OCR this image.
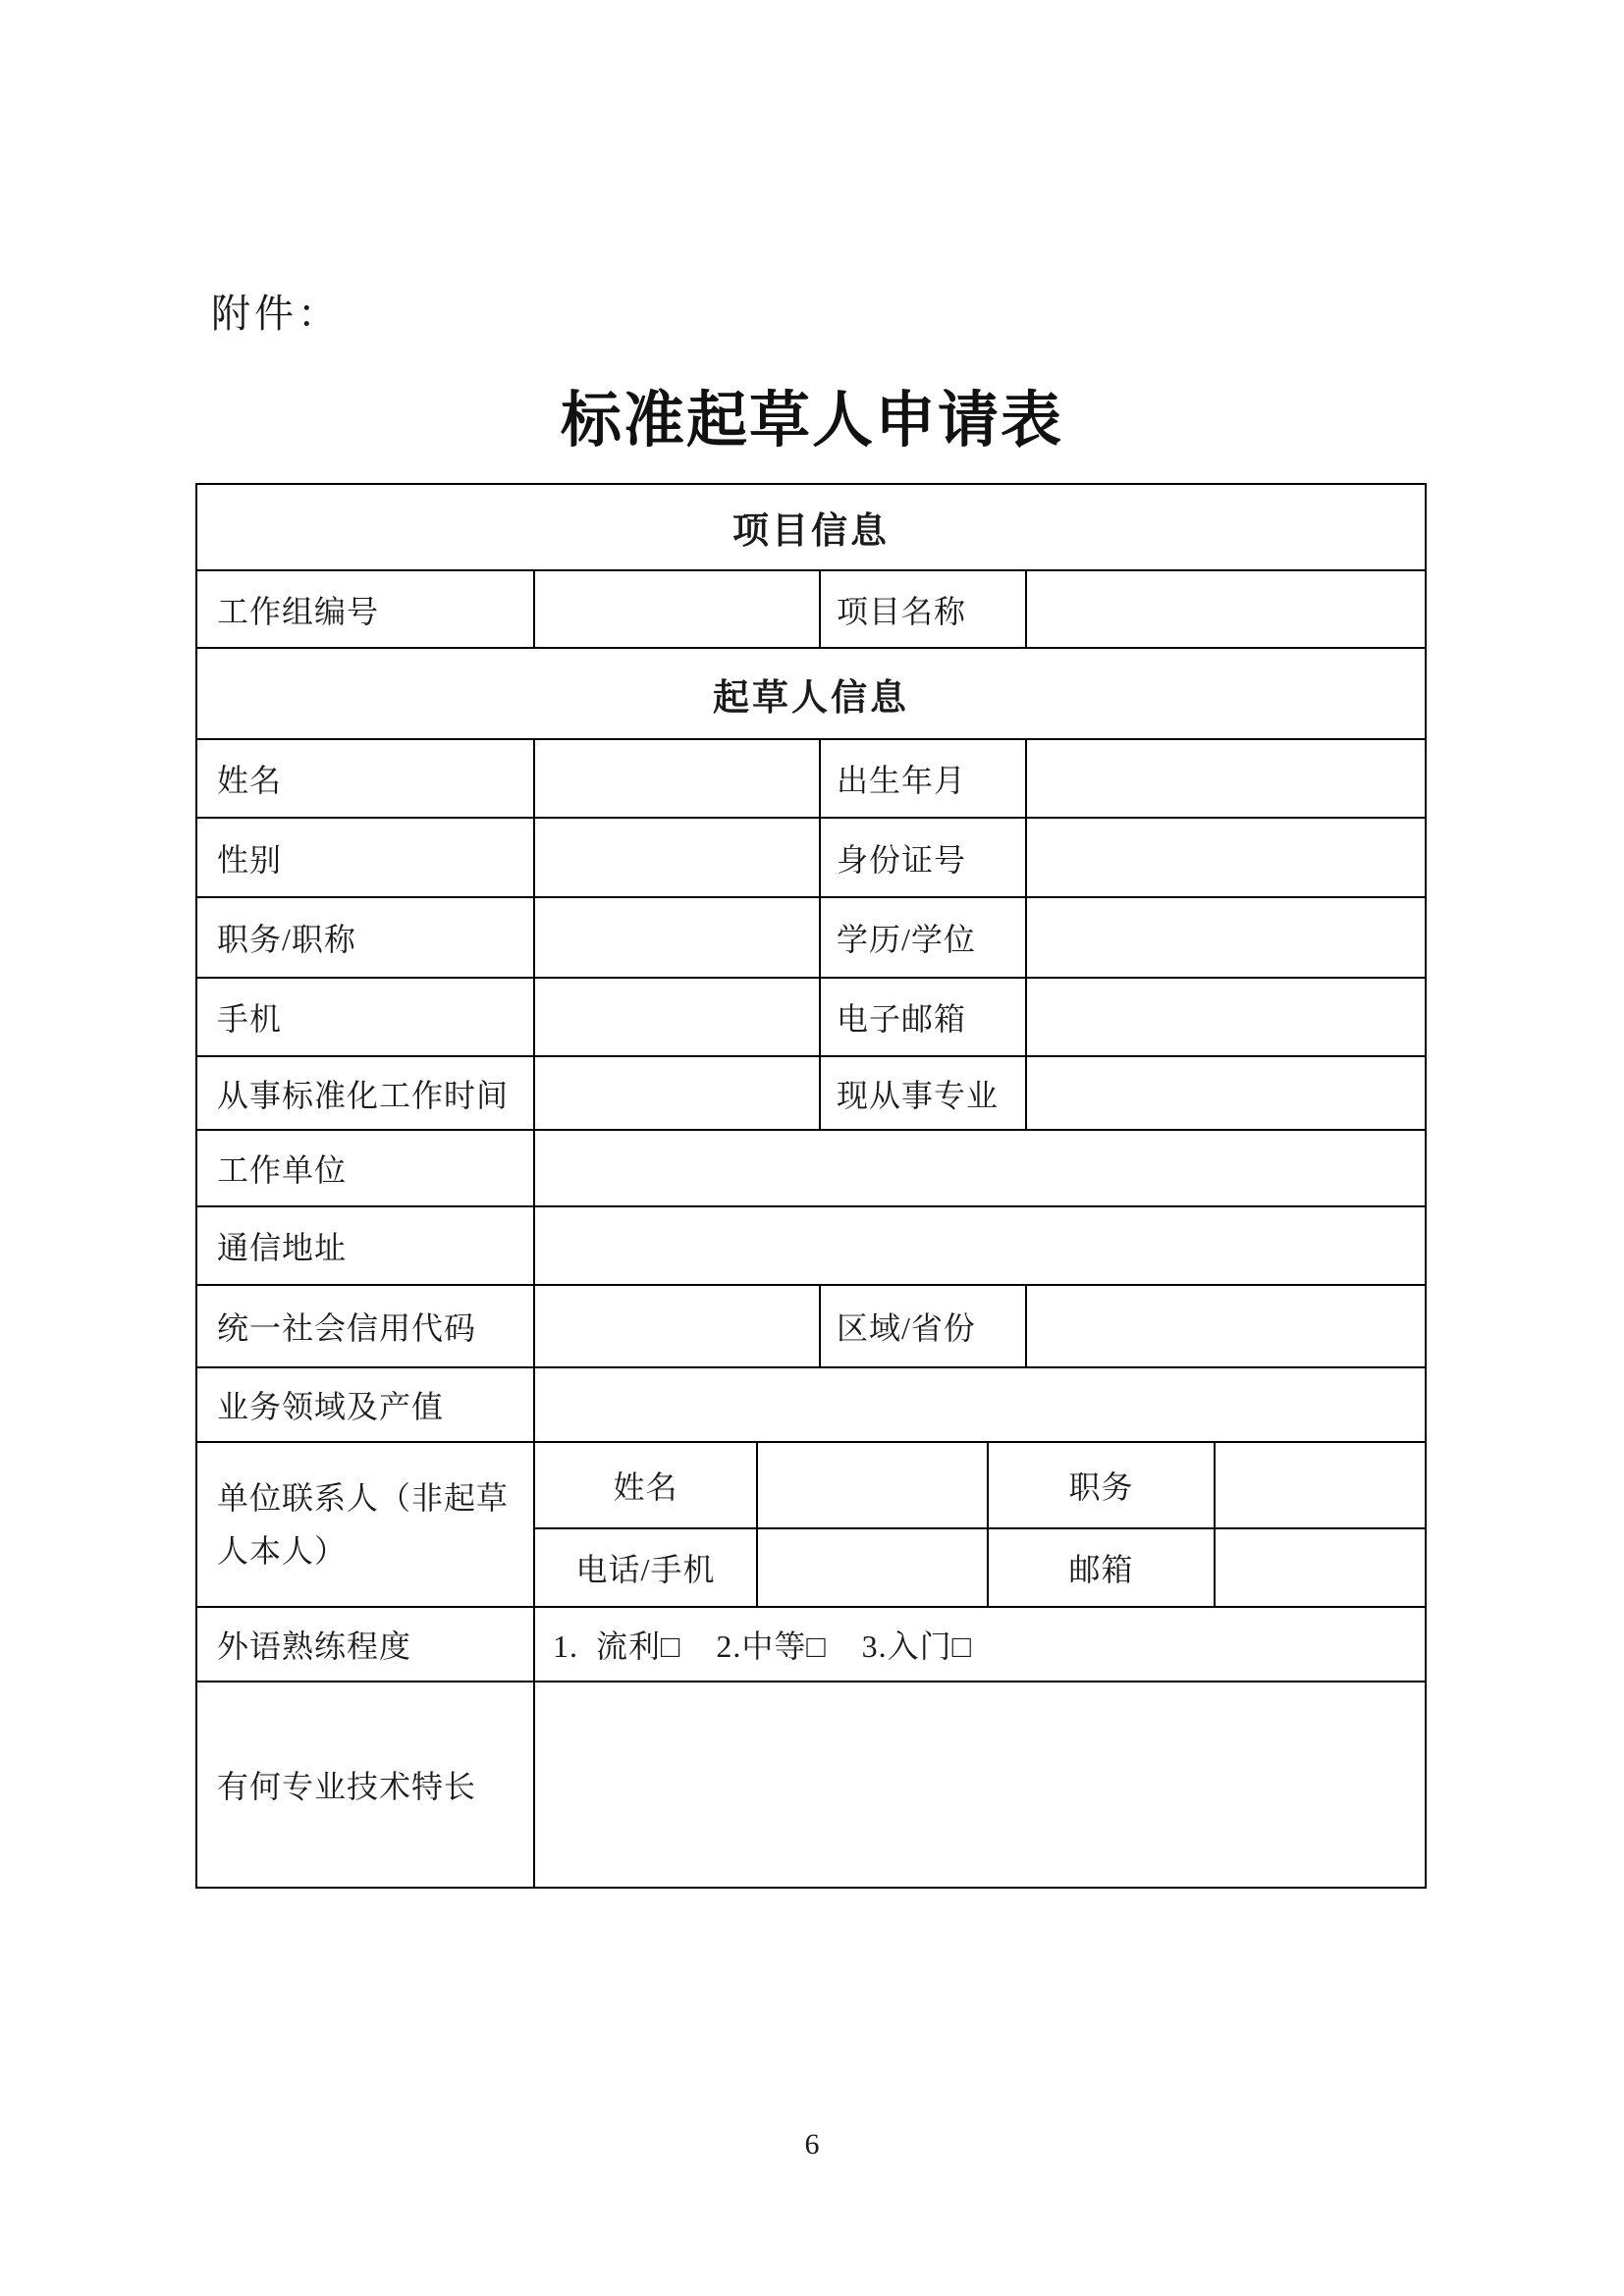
附件：
标准起草人申请表
项目信息
工作组编号	项目名称
起草人信息
姓名	出生年月
性别	身份证号
职务/职称	学历/学位
手机	电子邮箱
从事标准化工作时间	现从事专业
工作单位
通信地址
统一社会信用代码	区域/省份
业务领域及产值
单位联系人（非起草人本人）
姓名	职务
电话/手机	邮箱
外语熟练程度	1.  流利□    2.中等□    3.入门□
有何专业技术特长
6
